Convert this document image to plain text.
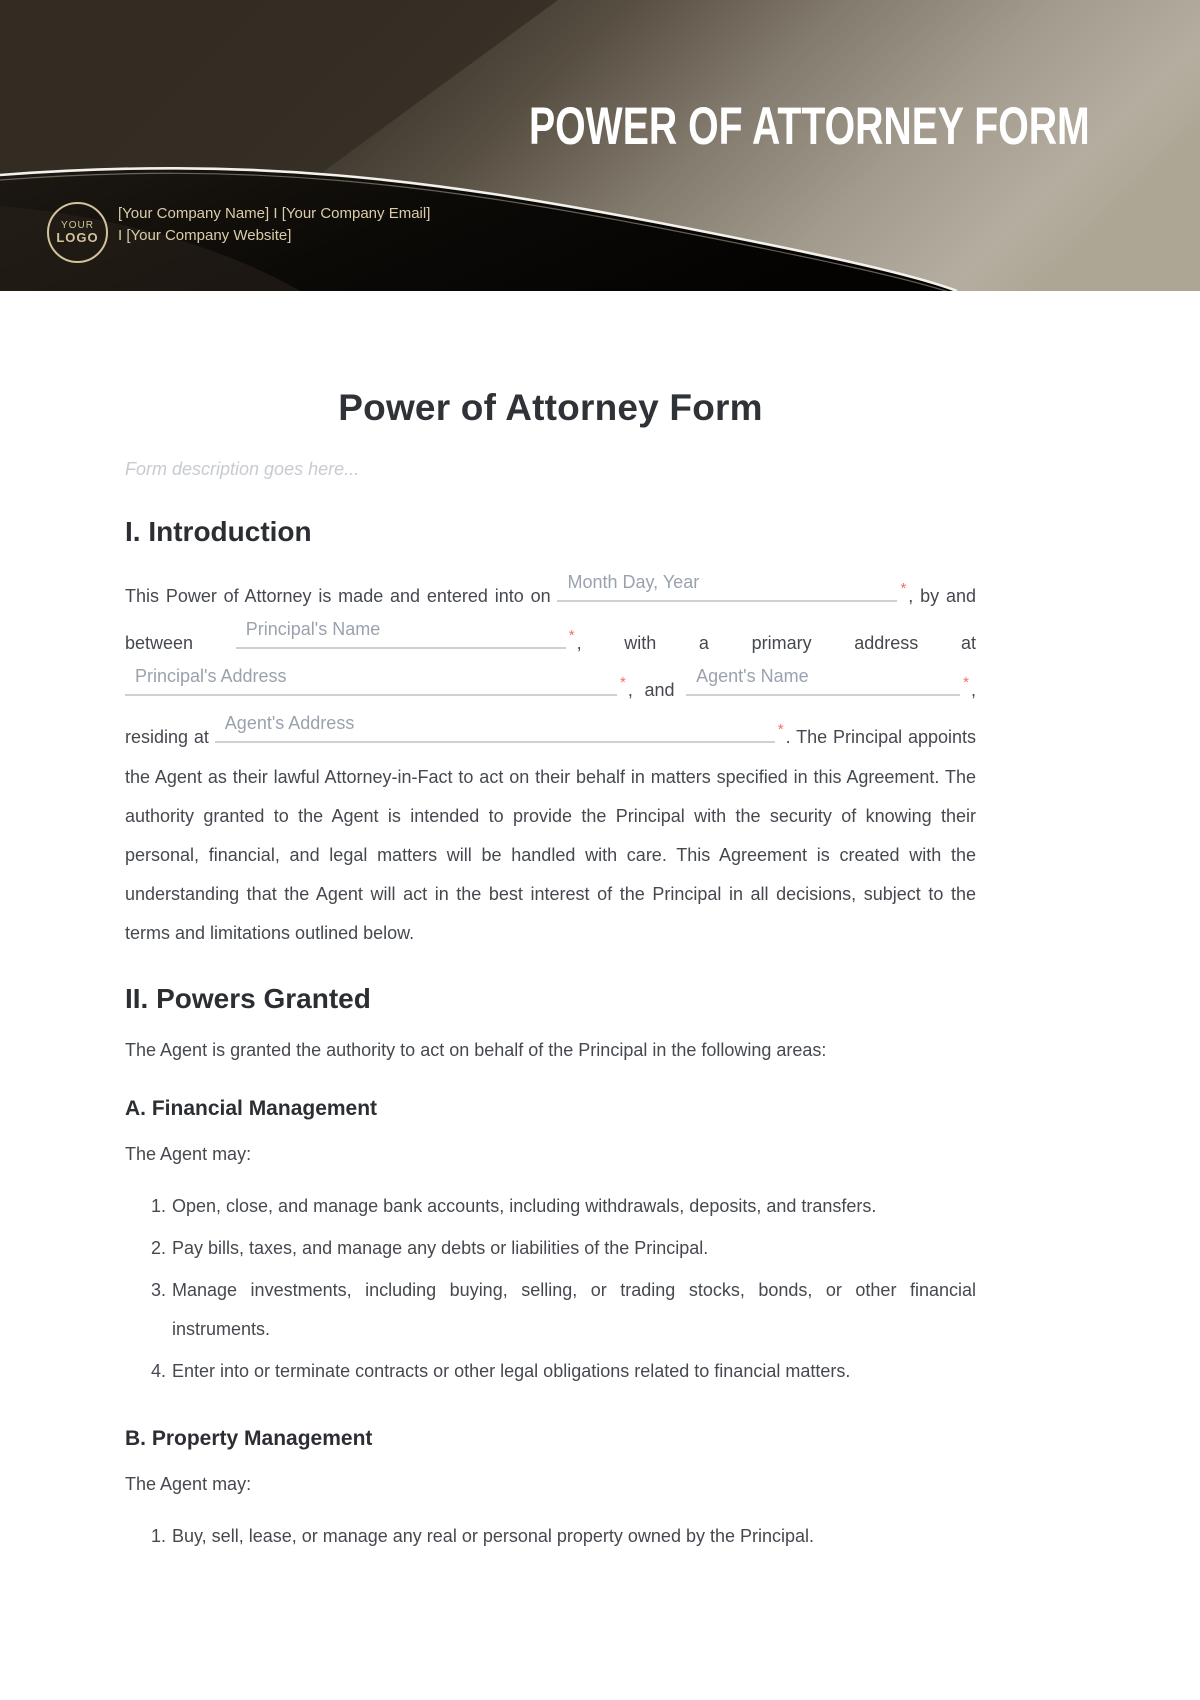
POWER OF ATTORNEY FORM
YOUR
LOGO
[Your Company Name] I [Your Company Email]
I [Your Company Website]
Power of Attorney Form
Form description goes here...
I. Introduction

This Power of Attorney is made and entered into on Month Day, Year	* , by and between Principal's Name	* , with a primary address at Principal's Address	* , and Agent's Name	* , residing at Agent's Address	* . The Principal appoints the Agent as their lawful Attorney-in-Fact to act on their behalf in matters specified in this Agreement. The authority granted to the Agent is intended to provide the Principal with the security of knowing their personal, financial, and legal matters will be handled with care. This Agreement is created with the understanding that the Agent will act in the best interest of the Principal in all decisions, subject to the terms and limitations outlined below.

II. Powers Granted

The Agent is granted the authority to act on behalf of the Principal in the following areas:

A. Financial Management

The Agent may:

Open, close, and manage bank accounts, including withdrawals, deposits, and transfers.
Pay bills, taxes, and manage any debts or liabilities of the Principal.
Manage investments, including buying, selling, or trading stocks, bonds, or other financial instruments.
Enter into or terminate contracts or other legal obligations related to financial matters.
B. Property Management

The Agent may:

Buy, sell, lease, or manage any real or personal property owned by the Principal.
